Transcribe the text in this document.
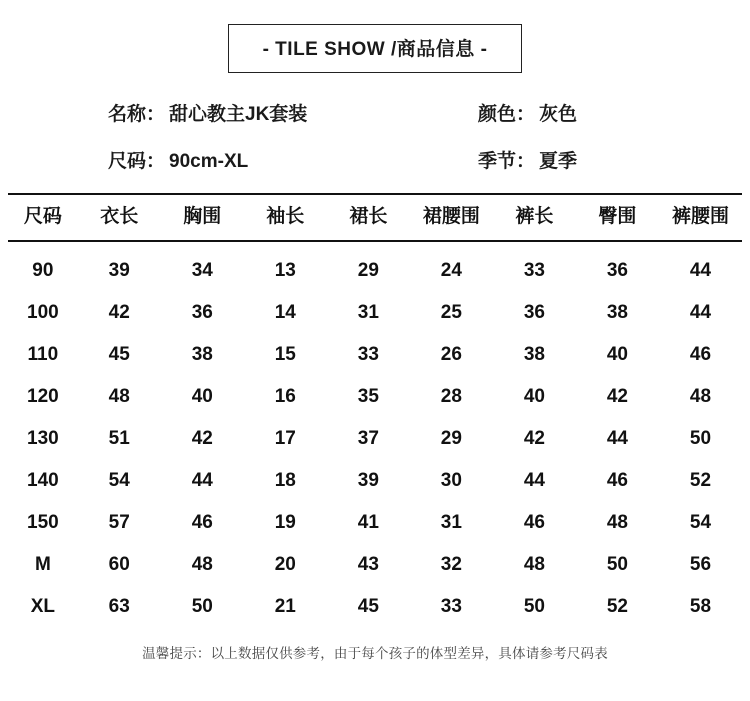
- TILE SHOW /商品信息 -
名称： 甜心教主JK套装	颜色： 灰色
尺码： 90cm-XL	季节： 夏季
尺码	衣长	胸围	袖长	裙长	裙腰围	裤长	臀围	裤腰围
90	39	34	13	29	24	33	36	44
100	42	36	14	31	25	36	38	44
110	45	38	15	33	26	38	40	46
120	48	40	16	35	28	40	42	48
130	51	42	17	37	29	42	44	50
140	54	44	18	39	30	44	46	52
150	57	46	19	41	31	46	48	54
M	60	48	20	43	32	48	50	56
XL	63	50	21	45	33	50	52	58
温馨提示：以上数据仅供参考，由于每个孩子的体型差异，具体请参考尺码表
